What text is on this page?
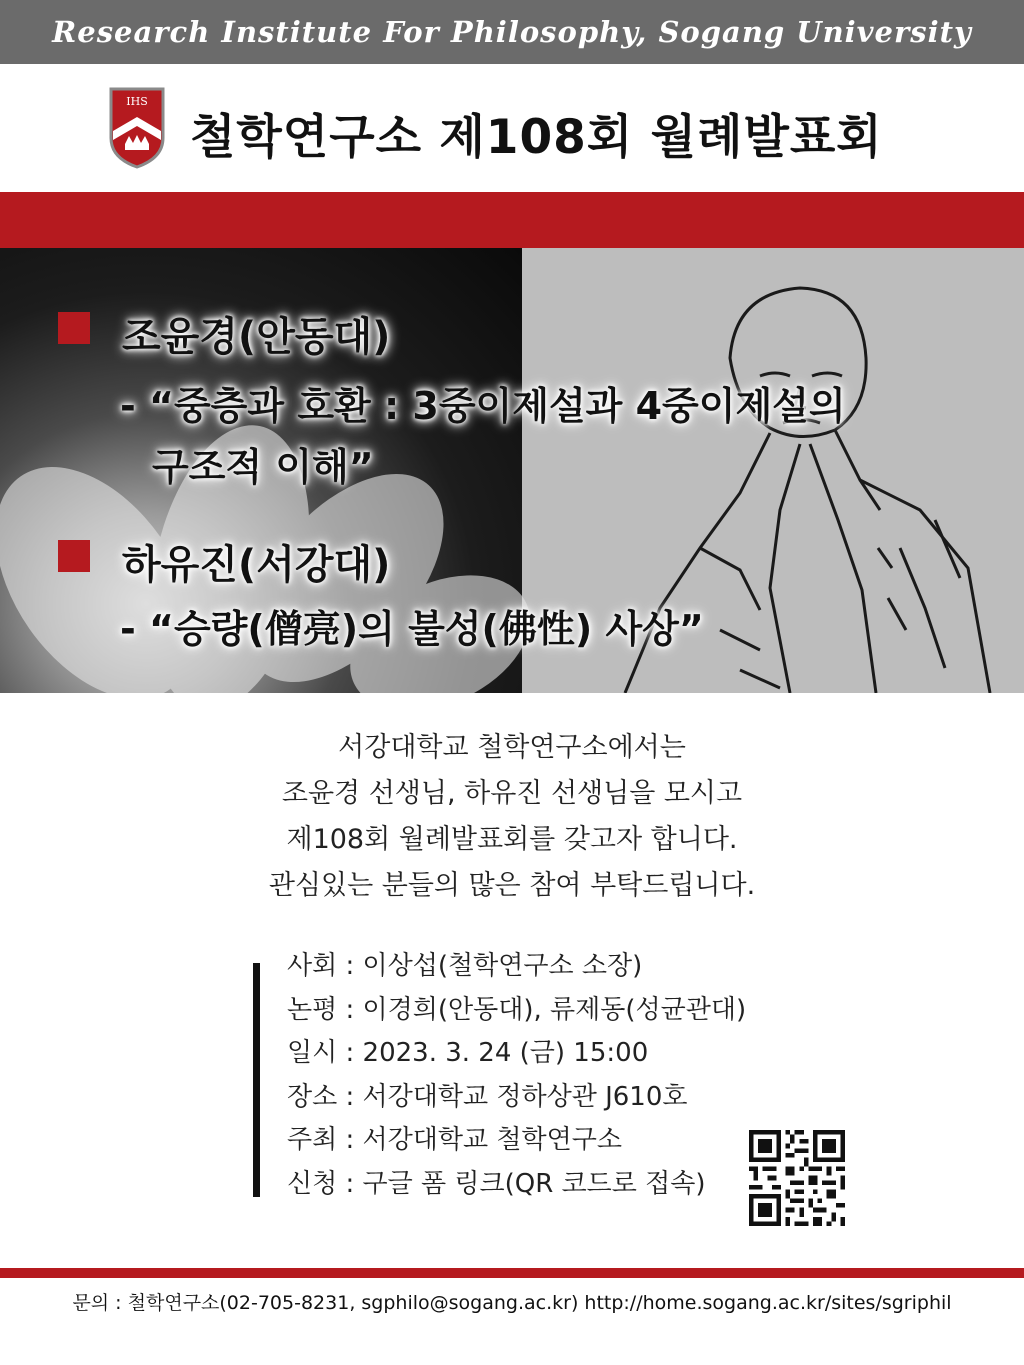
Research Institute For Philosophy, Sogang University
IHS
철학연구소 제108회 월례발표회
조윤경(안동대)
- “중층과 호환 : 3중이제설과 4중이제설의
구조적 이해”
하유진(서강대)
- “승량(僧亮)의 불성(佛性) 사상”

서강대학교 철학연구소에서는

조윤경 선생님, 하유진 선생님을 모시고

제108회 월례발표회를 갖고자 합니다.

관심있는 분들의 많은 참여 부탁드립니다.

사회 : 이상섭(철학연구소 소장)
논평 : 이경희(안동대), 류제동(성균관대)
일시 : 2023. 3. 24 (금) 15:00
장소 : 서강대학교 정하상관 J610호
주최 : 서강대학교 철학연구소
신청 : 구글 폼 링크(QR 코드로 접속)
문의 : 철학연구소(02-705-8231, sgphilo@sogang.ac.kr) http://home.sogang.ac.kr/sites/sgriphil
